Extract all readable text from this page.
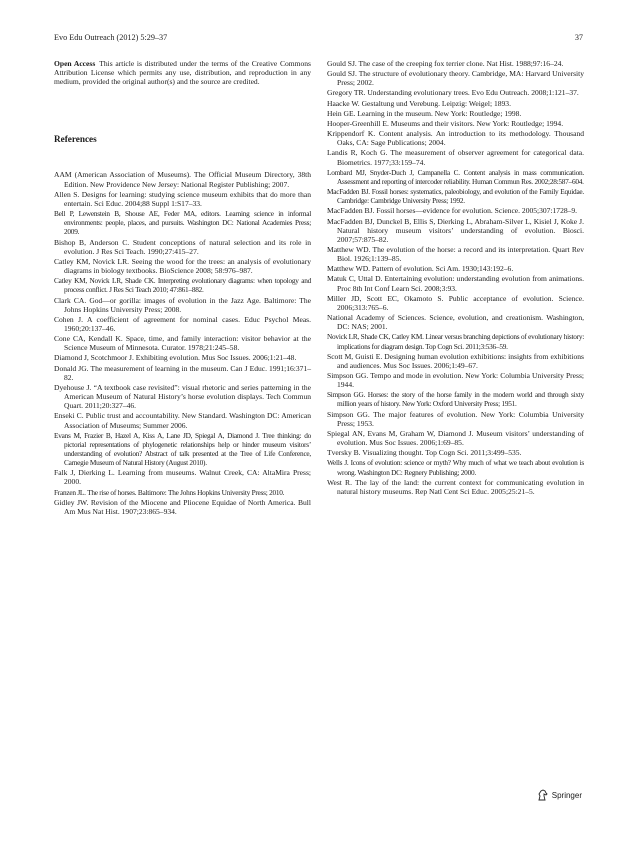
Evo Edu Outreach (2012) 5:29–37	37

Open Access This article is distributed under the terms of the Creative Commons Attribution License which permits any use, distribution, and reproduction in any medium, provided the original author(s) and the source are credited.

References

AAM (American Association of Museums). The Official Museum Directory, 38th Edition. New Providence New Jersey: National Register Publishing; 2007.

Allen S. Designs for learning: studying science museum exhibits that do more than entertain. Sci Educ. 2004;88 Suppl 1:S17–33.

Bell P, Lewenstein B, Shouse AE, Feder MA, editors. Learning science in informal environments: people, places, and pursuits. Washington DC: National Academies Press; 2009.

Bishop B, Anderson C. Student conceptions of natural selection and its role in evolution. J Res Sci Teach. 1990;27:415–27.

Catley KM, Novick LR. Seeing the wood for the trees: an analysis of evolutionary diagrams in biology textbooks. BioScience 2008; 58:976–987.

Catley KM, Novick LR, Shade CK. Interpreting evolutionary diagrams: when topology and process conflict. J Res Sci Teach 2010; 47:861–882.

Clark CA. God—or gorilla: images of evolution in the Jazz Age. Baltimore: The Johns Hopkins University Press; 2008.

Cohen J. A coefficient of agreement for nominal cases. Educ Psychol Meas. 1960;20:137–46.

Cone CA, Kendall K. Space, time, and family interaction: visitor behavior at the Science Museum of Minnesota. Curator. 1978;21:245–58.

Diamond J, Scotchmoor J. Exhibiting evolution. Mus Soc Issues. 2006;1:21–48.

Donald JG. The measurement of learning in the museum. Can J Educ. 1991;16:371–82.

Dyehouse J. “A textbook case revisited”: visual rhetoric and series patterning in the American Museum of Natural History’s horse evolution displays. Tech Commun Quart. 2011;20:327–46.

Enseki C. Public trust and accountability. New Standard. Washington DC: American Association of Museums; Summer 2006.

Evans M, Frazier B, Hazel A, Kiss A, Lane JD, Spiegal A, Diamond J. Tree thinking: do pictorial representations of phylogenetic relationships help or hinder museum visitors’ understanding of evolution? Abstract of talk presented at the Tree of Life Conference, Carnegie Museum of Natural History (August 2010).

Falk J, Dierking L. Learning from museums. Walnut Creek, CA: AltaMira Press; 2000.

Franzen JL. The rise of horses. Baltimore: The Johns Hopkins University Press; 2010.

Gidley JW. Revision of the Miocene and Pliocene Equidae of North America. Bull Am Mus Nat Hist. 1907;23:865–934.

Gould SJ. The case of the creeping fox terrier clone. Nat Hist. 1988;97:16–24.

Gould SJ. The structure of evolutionary theory. Cambridge, MA: Harvard University Press; 2002.

Gregory TR. Understanding evolutionary trees. Evo Edu Outreach. 2008;1:121–37.

Haacke W. Gestaltung und Verebung. Leipzig: Weigel; 1893.

Hein GE. Learning in the museum. New York: Routledge; 1998.

Hooper-Greenhill E. Museums and their visitors. New York: Routledge; 1994.

Krippendorf K. Content analysis. An introduction to its methodology. Thousand Oaks, CA: Sage Publications; 2004.

Landis R, Koch G. The measurement of observer agreement for categorical data. Biometrics. 1977;33:159–74.

Lombard MJ, Snyder-Duch J, Campanella C. Content analysis in mass communication. Assessment and reporting of intercoder reliability. Human Commun Res. 2002;28:587–604.

MacFadden BJ. Fossil horses: systematics, paleobiology, and evolution of the Family Equidae. Cambridge: Cambridge University Press; 1992.

MacFadden BJ. Fossil horses—evidence for evolution. Science. 2005;307:1728–9.

MacFadden BJ, Dunckel B, Ellis S, Dierking L, Abraham-Silver L, Kisiel J, Koke J. Natural history museum visitors’ understanding of evolution. Biosci. 2007;57:875–82.

Matthew WD. The evolution of the horse: a record and its interpretation. Quart Rev Biol. 1926;1:139–85.

Matthew WD. Pattern of evolution. Sci Am. 1930;143:192–6.

Matuk C, Uttal D. Entertaining evolution: understanding evolution from animations. Proc 8th Int Conf Learn Sci. 2008;3:93.

Miller JD, Scott EC, Okamoto S. Public acceptance of evolution. Science. 2006;313:765–6.

National Academy of Sciences. Science, evolution, and creationism. Washington, DC: NAS; 2001.

Novick LR, Shade CK, Catley KM. Linear versus branching depictions of evolutionary history: implications for diagram design. Top Cogn Sci. 2011;3:536–59.

Scott M, Guisti E. Designing human evolution exhibitions: insights from exhibitions and audiences. Mus Soc Issues. 2006;1:49–67.

Simpson GG. Tempo and mode in evolution. New York: Columbia University Press; 1944.

Simpson GG. Horses: the story of the horse family in the modern world and through sixty million years of history. New York: Oxford University Press; 1951.

Simpson GG. The major features of evolution. New York: Columbia University Press; 1953.

Spiegal AN, Evans M, Graham W, Diamond J. Museum visitors’ understanding of evolution. Mus Soc Issues. 2006;1:69–85.

Tversky B. Visualizing thought. Top Cogn Sci. 2011;3:499–535.

Wells J. Icons of evolution: science or myth? Why much of what we teach about evolution is wrong. Washington DC: Regnery Publishing; 2000.

West R. The lay of the land: the current context for communicating evolution in natural history museums. Rep Natl Cent Sci Educ. 2005;25:21–5.

Springer
